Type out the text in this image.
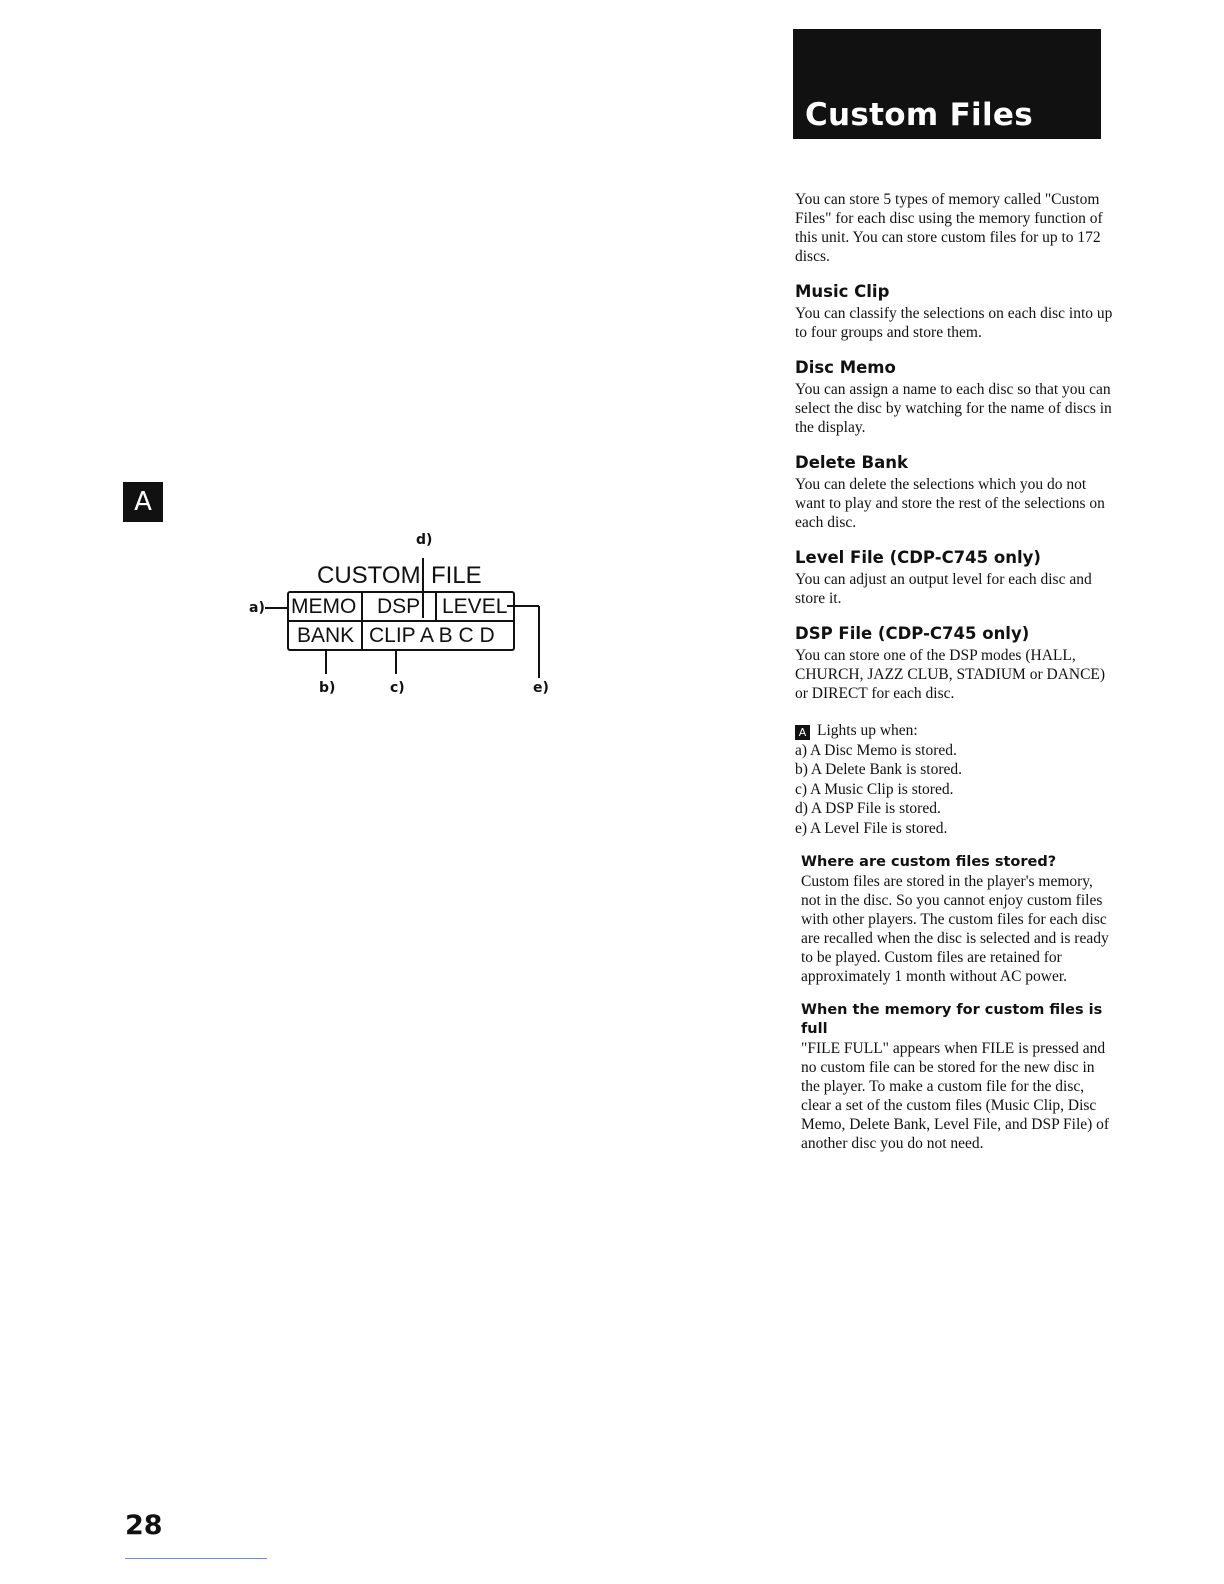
Custom Files
A
d)
CUSTOM FILE
a) MEMO DSP LEVEL
BANK CLIP A B C D
b)	c)	e)

You can store 5 types of memory called "Custom Files" for each disc using the memory function of this unit. You can store custom files for up to 172 discs.

Music Clip

You can classify the selections on each disc into up to four groups and store them.

Disc Memo

You can assign a name to each disc so that you can select the disc by watching for the name of discs in the display.

Delete Bank

You can delete the selections which you do not want to play and store the rest of the selections on each disc.

Level File (CDP-C745 only)

You can adjust an output level for each disc and store it.

DSP File (CDP-C745 only)

You can store one of the DSP modes (HALL, CHURCH, JAZZ CLUB, STADIUM or DANCE) or DIRECT for each disc.

A Lights up when:
a) A Disc Memo is stored.
b) A Delete Bank is stored.
c) A Music Clip is stored.
d) A DSP File is stored.
e) A Level File is stored.
Where are custom files stored?

Custom files are stored in the player's memory, not in the disc. So you cannot enjoy custom files with other players. The custom files for each disc are recalled when the disc is selected and is ready to be played. Custom files are retained for approximately 1 month without AC power.

When the memory for custom files is full

"FILE FULL" appears when FILE is pressed and no custom file can be stored for the new disc in the player. To make a custom file for the disc, clear a set of the custom files (Music Clip, Disc Memo, Delete Bank, Level File, and DSP File) of another disc you do not need.

28
